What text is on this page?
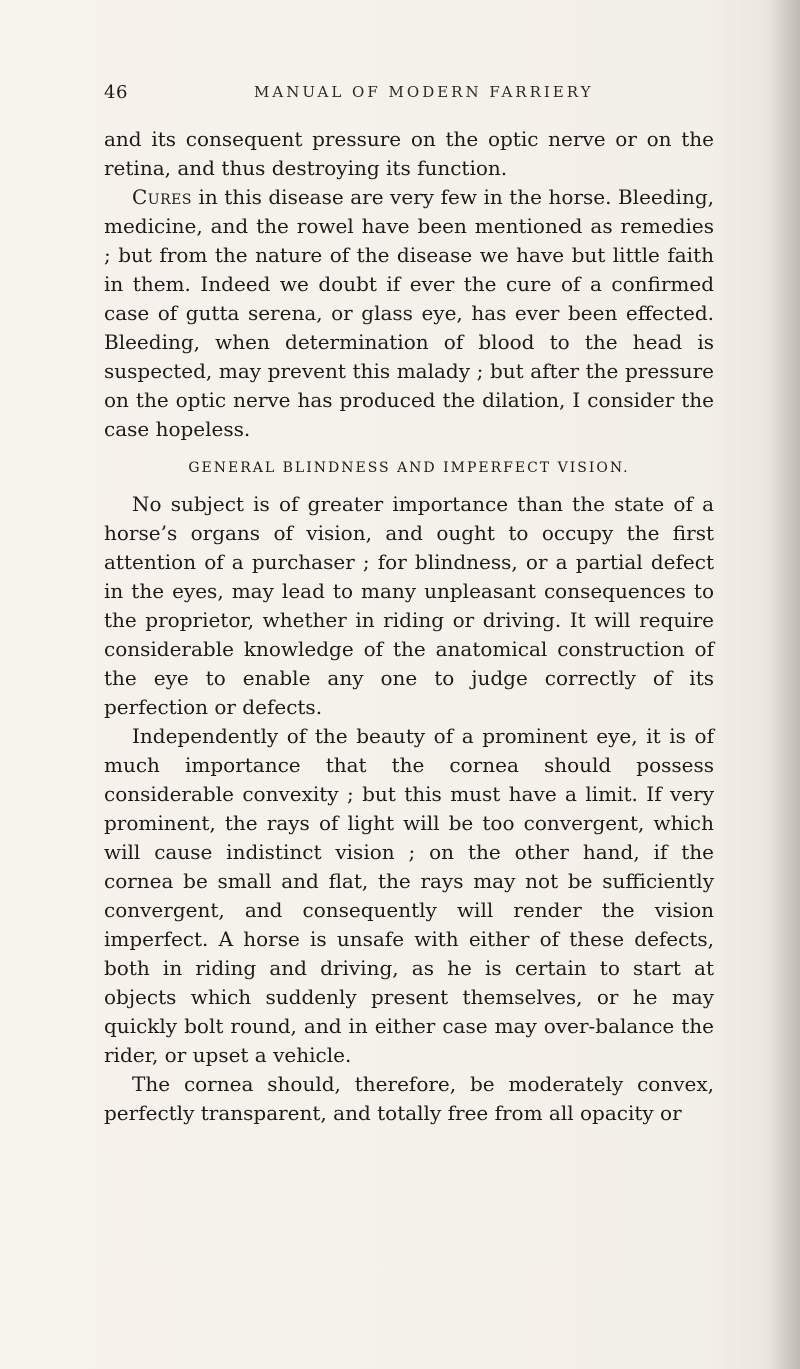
46	MANUAL OF MODERN FARRIERY

and its consequent pressure on the optic nerve or on the retina, and thus destroying its function.

Cures in this disease are very few in the horse. Bleeding, medicine, and the rowel have been mentioned as remedies ; but from the nature of the disease we have but little faith in them. Indeed we doubt if ever the cure of a confirmed case of gutta serena, or glass eye, has ever been effected. Bleeding, when determination of blood to the head is suspected, may prevent this malady ; but after the pressure on the optic nerve has produced the dilation, I consider the case hopeless.

GENERAL BLINDNESS AND IMPERFECT VISION.

No subject is of greater importance than the state of a horse’s organs of vision, and ought to occupy the first attention of a purchaser ; for blindness, or a partial defect in the eyes, may lead to many unpleasant consequences to the proprietor, whether in riding or driving. It will require considerable knowledge of the anatomical construction of the eye to enable any one to judge correctly of its perfection or defects.

Independently of the beauty of a prominent eye, it is of much importance that the cornea should possess considerable convexity ; but this must have a limit. If very prominent, the rays of light will be too convergent, which will cause indistinct vision ; on the other hand, if the cornea be small and flat, the rays may not be sufficiently convergent, and consequently will render the vision imperfect. A horse is unsafe with either of these defects, both in riding and driving, as he is certain to start at objects which suddenly present themselves, or he may quickly bolt round, and in either case may over-balance the rider, or upset a vehicle.

The cornea should, therefore, be moderately convex, perfectly transparent, and totally free from all opacity or
